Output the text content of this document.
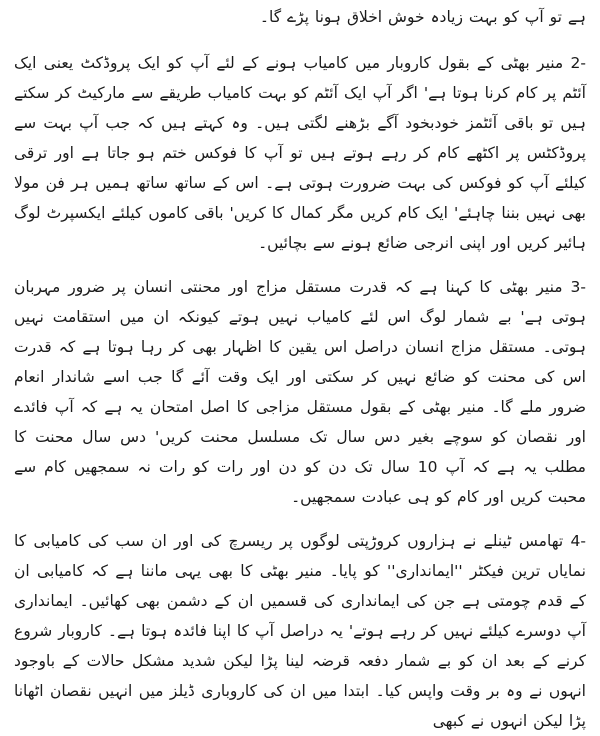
ہے تو آپ کو بہت زیادہ خوش اخلاق ہونا پڑے گا۔

-2 منیر بھٹی کے بقول کاروبار میں کامیاب ہونے کے لئے آپ کو ایک پروڈکٹ یعنی ایک آئٹم پر کام کرنا ہوتا ہے' اگر آپ ایک آئٹم کو بہت کامیاب طریقے سے مارکیٹ کر سکتے ہیں تو باقی آئٹمز خودبخود آگے بڑھنے لگتی ہیں۔ وہ کہتے ہیں کہ جب آپ بہت سے پروڈکٹس پر اکٹھے کام کر رہے ہوتے ہیں تو آپ کا فوکس ختم ہو جاتا ہے اور ترقی کیلئے آپ کو فوکس کی بہت ضرورت ہوتی ہے۔ اس کے ساتھ ساتھ ہمیں ہر فن مولا بھی نہیں بننا چاہئے' ایک کام کریں مگر کمال کا کریں' باقی کاموں کیلئے ایکسپرٹ لوگ ہائیر کریں اور اپنی انرجی ضائع ہونے سے بچائیں۔

-3 منیر بھٹی کا کہنا ہے کہ قدرت مستقل مزاج اور محنتی انسان پر ضرور مہربان ہوتی ہے' بے شمار لوگ اس لئے کامیاب نہیں ہوتے کیونکہ ان میں استقامت نہیں ہوتی۔ مستقل مزاج انسان دراصل اس یقین کا اظہار بھی کر رہا ہوتا ہے کہ قدرت اس کی محنت کو ضائع نہیں کر سکتی اور ایک وقت آئے گا جب اسے شاندار انعام ضرور ملے گا۔ منیر بھٹی کے بقول مستقل مزاجی کا اصل امتحان یہ ہے کہ آپ فائدے اور نقصان کو سوچے بغیر دس سال تک مسلسل محنت کریں' دس سال محنت کا مطلب یہ ہے کہ آپ 10 سال تک دن کو دن اور رات کو رات نہ سمجھیں کام سے محبت کریں اور کام کو ہی عبادت سمجھیں۔

-4 تھامس ٹینلے نے ہزاروں کروڑپتی لوگوں پر ریسرچ کی اور ان سب کی کامیابی کا نمایاں ترین فیکٹر ''ایمانداری'' کو پایا۔ منیر بھٹی کا بھی یہی ماننا ہے کہ کامیابی ان کے قدم چومتی ہے جن کی ایمانداری کی قسمیں ان کے دشمن بھی کھائیں۔ ایمانداری آپ دوسرے کیلئے نہیں کر رہے ہوتے' یہ دراصل آپ کا اپنا فائدہ ہوتا ہے۔ کاروبار شروع کرنے کے بعد ان کو بے شمار دفعہ قرضہ لینا پڑا لیکن شدید مشکل حالات کے باوجود انہوں نے وہ بر وقت واپس کیا۔ ابتدا میں ان کی کاروباری ڈیلز میں انہیں نقصان اٹھانا پڑا لیکن انہوں نے کبھی
